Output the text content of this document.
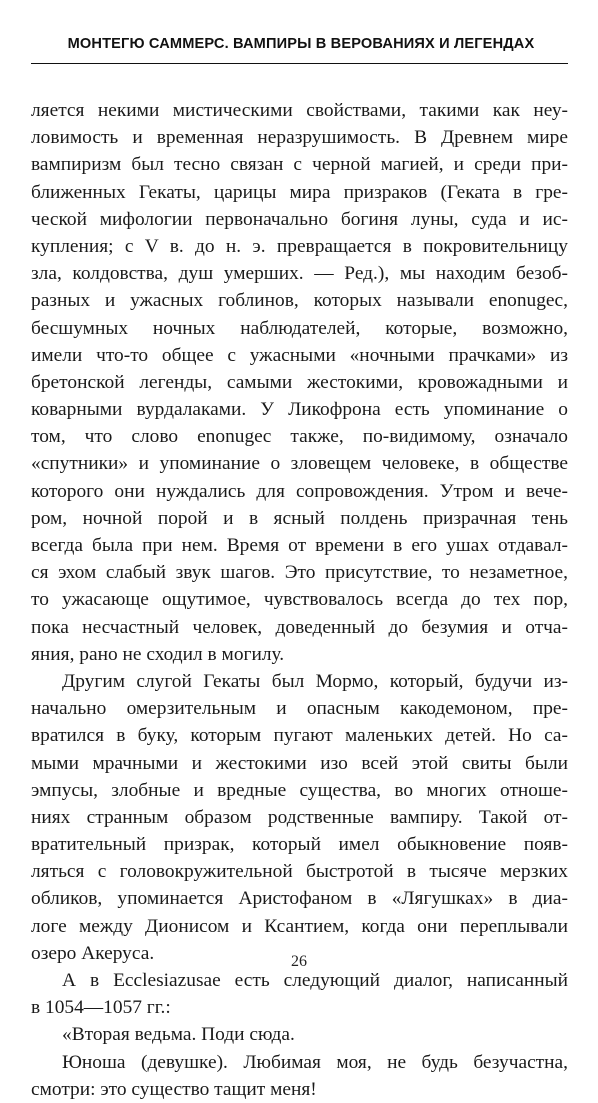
МОНТЕГЮ САММЕРС. ВАМПИРЫ В ВЕРОВАНИЯХ И ЛЕГЕНДАХ
ляется некими мистическими свойствами, такими как неу-
ловимость и временная неразрушимость. В Древнем мире
вампиризм был тесно связан с черной магией, и среди при-
ближенных Гекаты, царицы мира призраков (Геката в гре-
ческой мифологии первоначально богиня луны, суда и ис-
купления; с V в. до н. э. превращается в покровительницу
зла, колдовства, душ умерших. — Ред.), мы находим безоб-
разных и ужасных гоблинов, которых называли enonugec,
бесшумных ночных наблюдателей, которые, возможно,
имели что-то общее с ужасными «ночными прачками» из
бретонской легенды, самыми жестокими, кровожадными и
коварными вурдалаками. У Ликофрона есть упоминание о
том, что слово enonugec также, по-видимому, означало
«спутники» и упоминание о зловещем человеке, в обществе
которого они нуждались для сопровождения. Утром и вече-
ром, ночной порой и в ясный полдень призрачная тень
всегда была при нем. Время от времени в его ушах отдавал-
ся эхом слабый звук шагов. Это присутствие, то незаметное,
то ужасающе ощутимое, чувствовалось всегда до тех пор,
пока несчастный человек, доведенный до безумия и отча-
яния, рано не сходил в могилу.
Другим слугой Гекаты был Мормо, который, будучи из-
начально омерзительным и опасным какодемоном, пре-
вратился в буку, которым пугают маленьких детей. Но са-
мыми мрачными и жестокими изо всей этой свиты были
эмпусы, злобные и вредные существа, во многих отноше-
ниях странным образом родственные вампиру. Такой от-
вратительный призрак, который имел обыкновение появ-
ляться с головокружительной быстротой в тысяче мерзких
обликов, упоминается Аристофаном в «Лягушках» в диа-
логе между Дионисом и Ксантием, когда они переплывали
озеро Акеруса.
А в Ecclesiazusae есть следующий диалог, написанный
в 1054—1057 гг.:
«Вторая ведьма. Поди сюда.
Юноша (девушке). Любимая моя, не будь безучастна,
смотри: это существо тащит меня!
26
